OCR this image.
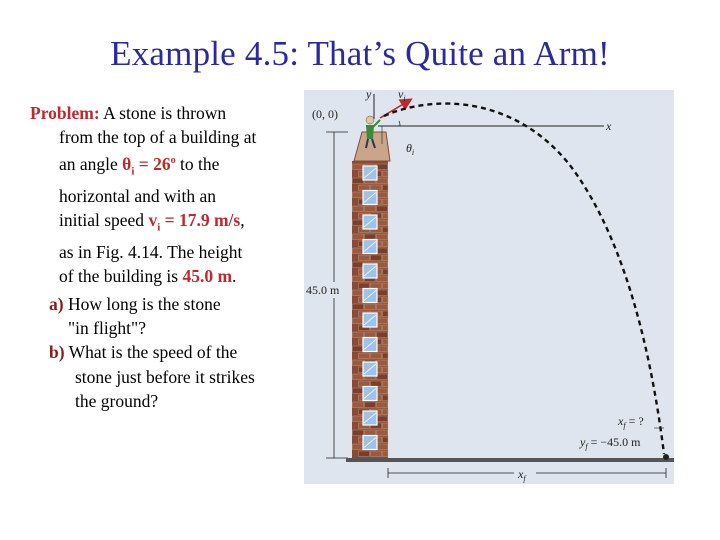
Example 4.5: That’s Quite an Arm!
Problem: A stone is thrown
from the top of a building at
an angle $\theta_i = 26^o$ to the
horizontal and with an
initial speed $v_i = 17.9$ m/s,
as in Fig. 4.14. The height
of the building is 45.0 m.
a) How long is the stone
"in flight"?
b) What is the speed of the
stone just before it strikes
the ground?
(0, 0)
y
x
$v_i$
$\theta_i$
45.0 m
$x_f$ = ?
$y_f = -45.0$ m
$x_f$
